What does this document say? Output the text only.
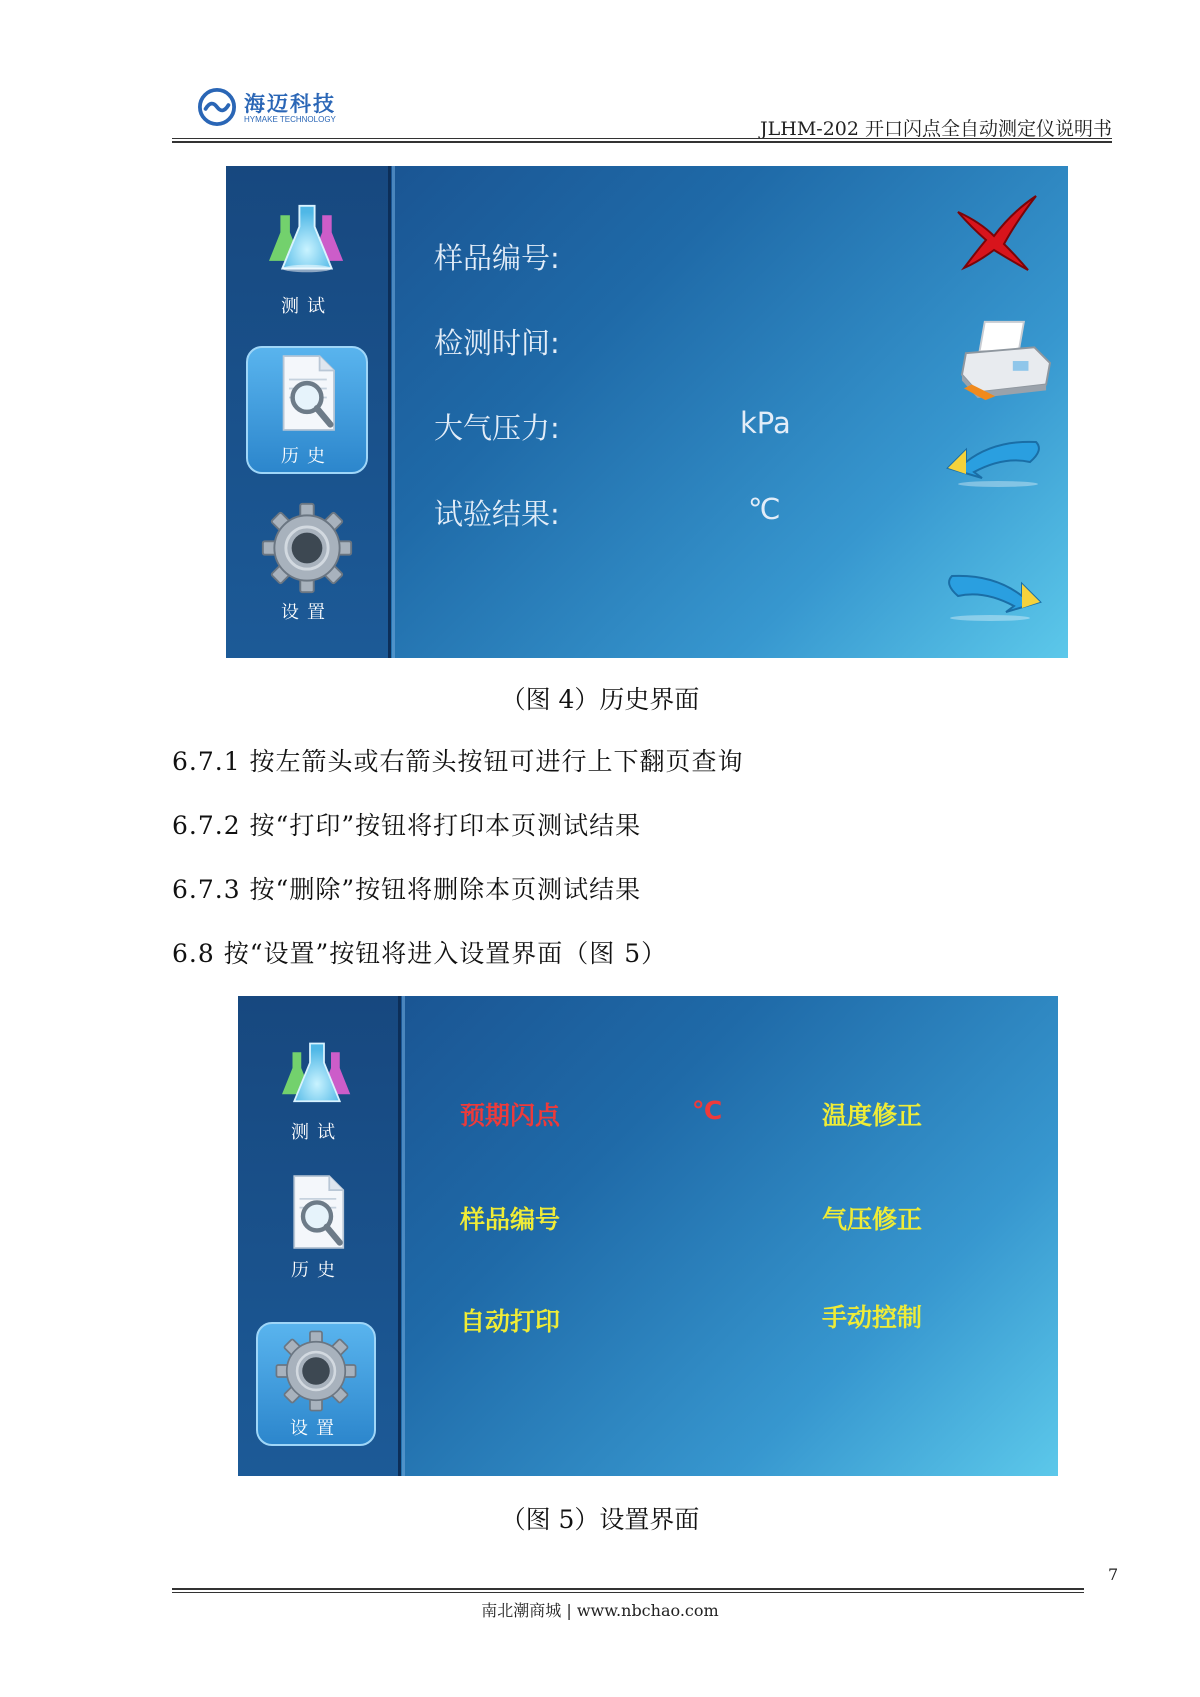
海迈科技
HYMAKE TECHNOLOGY	JLHM-202 开口闪点全自动测定仪说明书
测试
历史
设置
样品编号:
检测时间:
大气压力:	kPa
试验结果:	℃
（图 4）历史界面
6.7.1 按左箭头或右箭头按钮可进行上下翻页查询
6.7.2 按“打印”按钮将打印本页测试结果
6.7.3 按“删除”按钮将删除本页测试结果
6.8 按“设置”按钮将进入设置界面（图 5）
测试
历史
设置
预期闪点	℃	温度修正
样品编号	气压修正
自动打印	手动控制
（图 5）设置界面
7
南北潮商城 | www.nbchao.com
